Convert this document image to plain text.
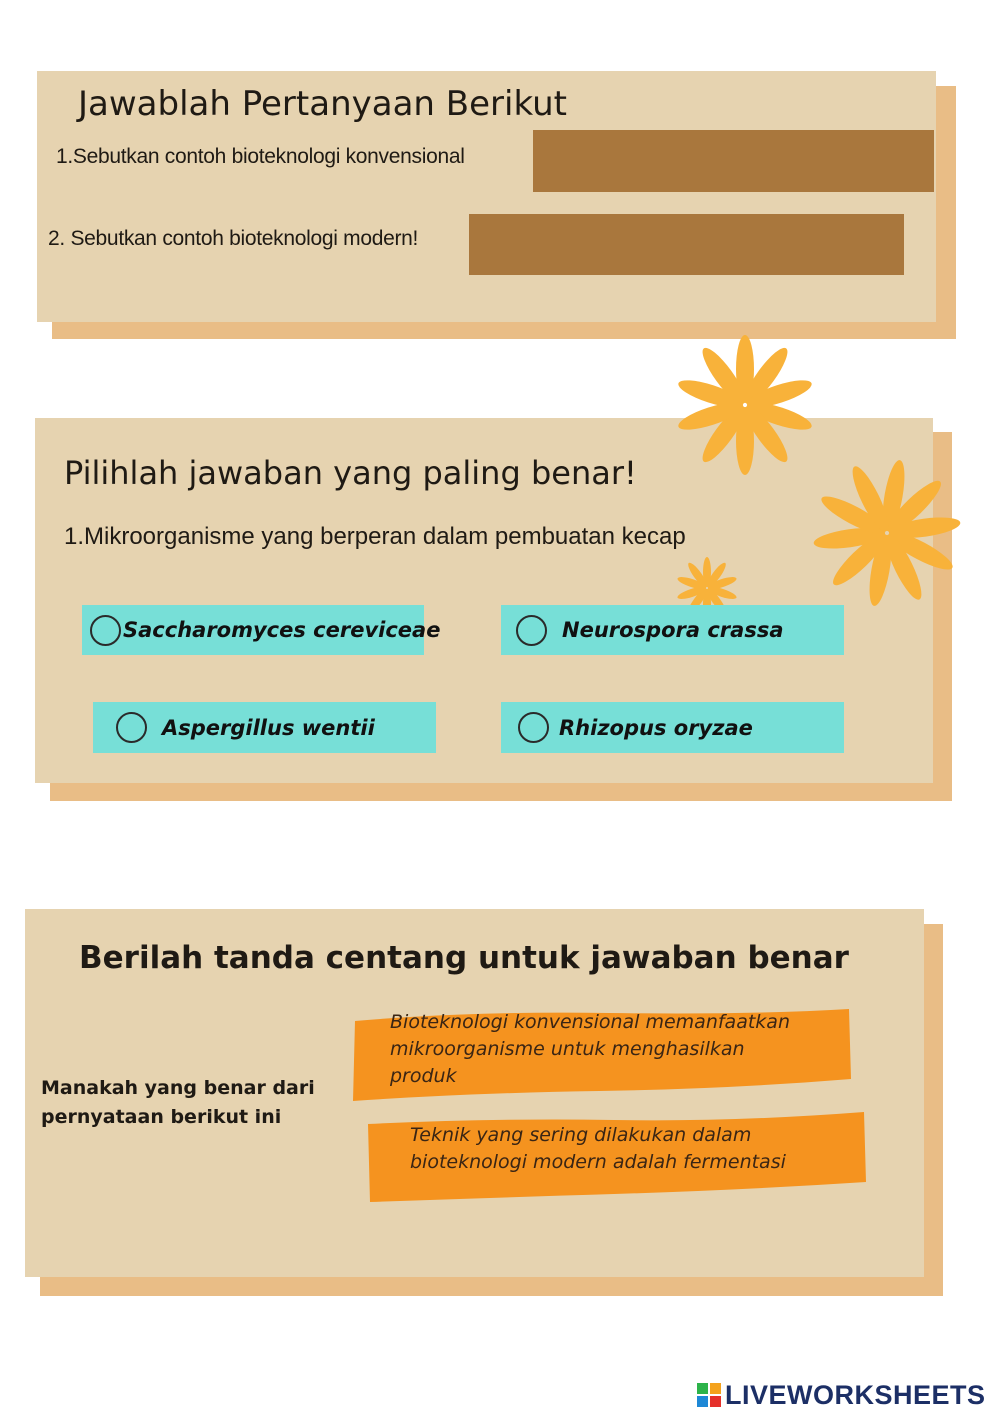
Jawablah Pertanyaan Berikut
1.Sebutkan contoh bioteknologi konvensional
2. Sebutkan contoh bioteknologi modern!
Pilihlah jawaban yang paling benar!
1.Mikroorganisme yang berperan dalam pembuatan kecap
Saccharomyces cereviceae	Neurospora crassa
Aspergillus wentii	Rhizopus oryzae
Berilah tanda centang untuk jawaban benar
Manakah yang benar dari
pernyataan berikut ini
Bioteknologi konvensional memanfaatkan
mikroorganisme untuk menghasilkan
produk
Teknik yang sering dilakukan dalam
bioteknologi modern adalah fermentasi
LIVEWORKSHEETS
